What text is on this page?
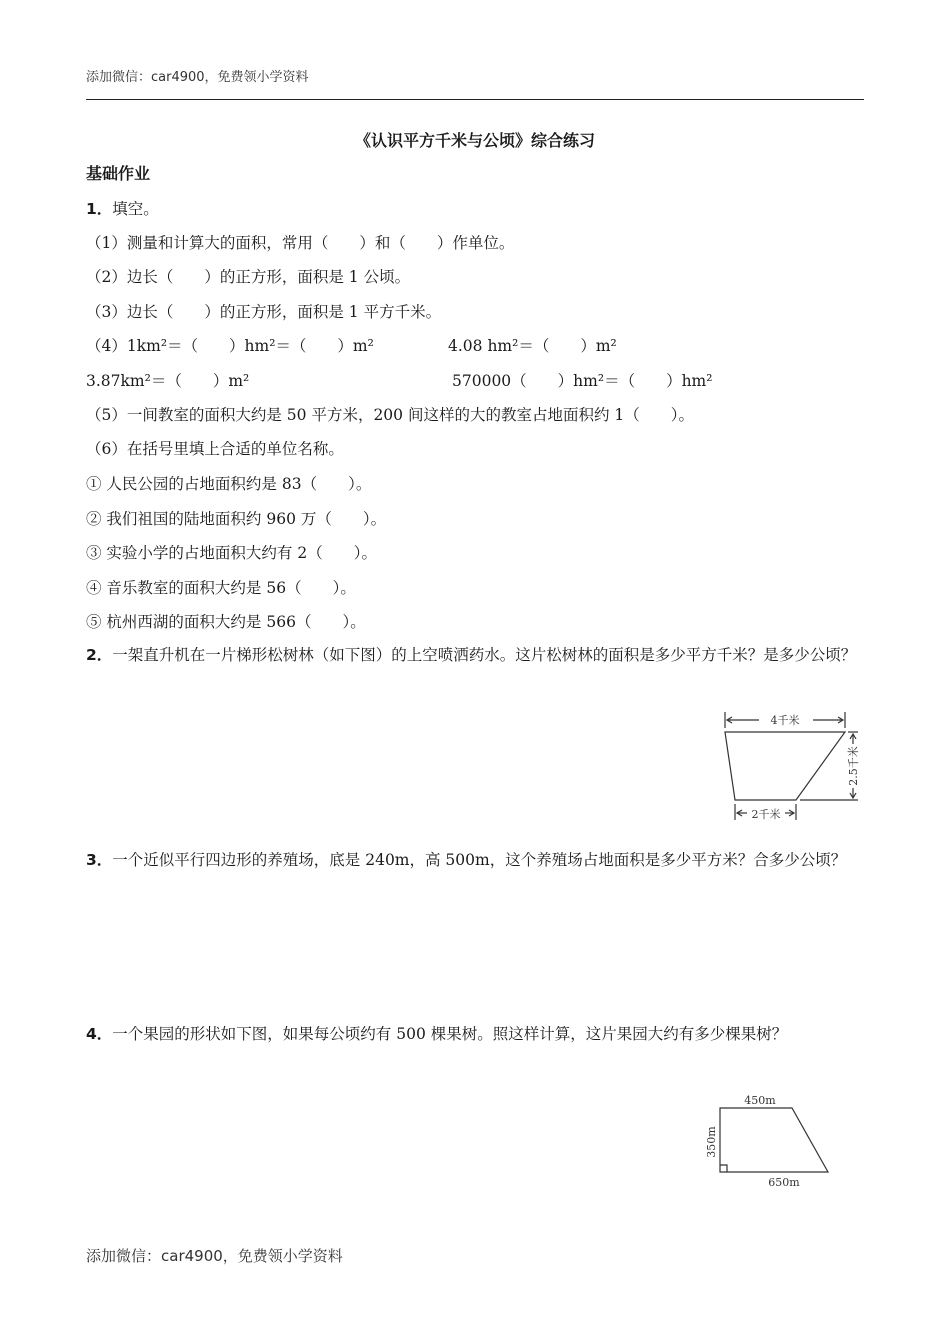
添加微信：car4900，免费领小学资料
《认识平方千米与公顷》综合练习
基础作业
1．填空。
（1）测量和计算大的面积，常用（　　）和（　　）作单位。
（2）边长（　　）的正方形，面积是 1 公顷。
（3）边长（　　）的正方形，面积是 1 平方千米。
（4）1km²＝（　　）hm²＝（　　）m²	4.08 hm²＝（　　）m²
3.87km²＝（　　）m²	570000（　　）hm²＝（　　）hm²
（5）一间教室的面积大约是 50 平方米，200 间这样的大的教室占地面积约 1（　　）。
（6）在括号里填上合适的单位名称。
① 人民公园的占地面积约是 83（　　）。
② 我们祖国的陆地面积约 960 万（　　）。
③ 实验小学的占地面积大约有 2（　　）。
④ 音乐教室的面积大约是 56（　　）。
⑤ 杭州西湖的面积大约是 566（　　）。
2．一架直升机在一片梯形松树林（如下图）的上空喷洒药水。这片松树林的面积是多少平方千米？是多少公顷？
4千米
2.5千米
2千米
3．一个近似平行四边形的养殖场，底是 240m，高 500m，这个养殖场占地面积是多少平方米？合多少公顷？
4．一个果园的形状如下图，如果每公顷约有 500 棵果树。照这样计算，这片果园大约有多少棵果树？
450m
350m
650m
添加微信：car4900，免费领小学资料
